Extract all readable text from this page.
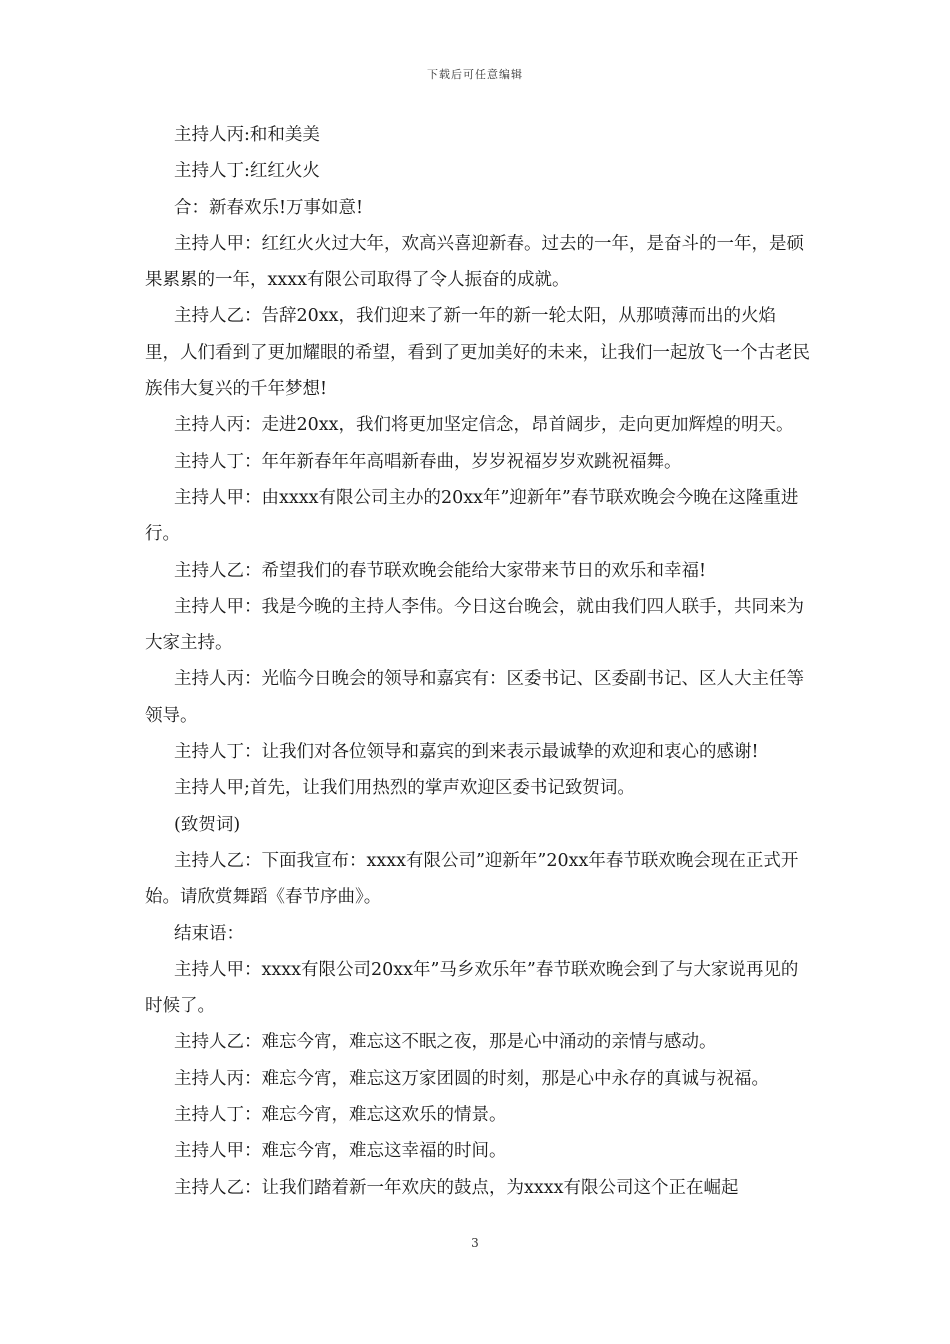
下载后可任意编辑

主持人丙:和和美美

主持人丁:红红火火

合：新春欢乐!万事如意!

主持人甲：红红火火过大年，欢高兴喜迎新春。过去的一年，是奋斗的一年，是硕果累累的一年，xxxx有限公司取得了令人振奋的成就。

主持人乙：告辞20xx，我们迎来了新一年的新一轮太阳，从那喷薄而出的火焰里，人们看到了更加耀眼的希望，看到了更加美好的未来，让我们一起放飞一个古老民族伟大复兴的千年梦想!

主持人丙：走进20xx，我们将更加坚定信念，昂首阔步，走向更加辉煌的明天。

主持人丁：年年新春年年高唱新春曲，岁岁祝福岁岁欢跳祝福舞。

主持人甲：由xxxx有限公司主办的20xx年”迎新年”春节联欢晚会今晚在这隆重进行。

主持人乙：希望我们的春节联欢晚会能给大家带来节日的欢乐和幸福!

主持人甲：我是今晚的主持人李伟。今日这台晚会，就由我们四人联手，共同来为大家主持。

主持人丙：光临今日晚会的领导和嘉宾有：区委书记、区委副书记、区人大主任等领导。

主持人丁：让我们对各位领导和嘉宾的到来表示最诚挚的欢迎和衷心的感谢!

主持人甲;首先，让我们用热烈的掌声欢迎区委书记致贺词。

(致贺词)

主持人乙：下面我宣布：xxxx有限公司”迎新年”20xx年春节联欢晚会现在正式开始。请欣赏舞蹈《春节序曲》。

结束语：

主持人甲：xxxx有限公司20xx年”马乡欢乐年”春节联欢晚会到了与大家说再见的时候了。

主持人乙：难忘今宵，难忘这不眠之夜，那是心中涌动的亲情与感动。

主持人丙：难忘今宵，难忘这万家团圆的时刻，那是心中永存的真诚与祝福。

主持人丁：难忘今宵，难忘这欢乐的情景。

主持人甲：难忘今宵，难忘这幸福的时间。

主持人乙：让我们踏着新一年欢庆的鼓点，为xxxx有限公司这个正在崛起

3
